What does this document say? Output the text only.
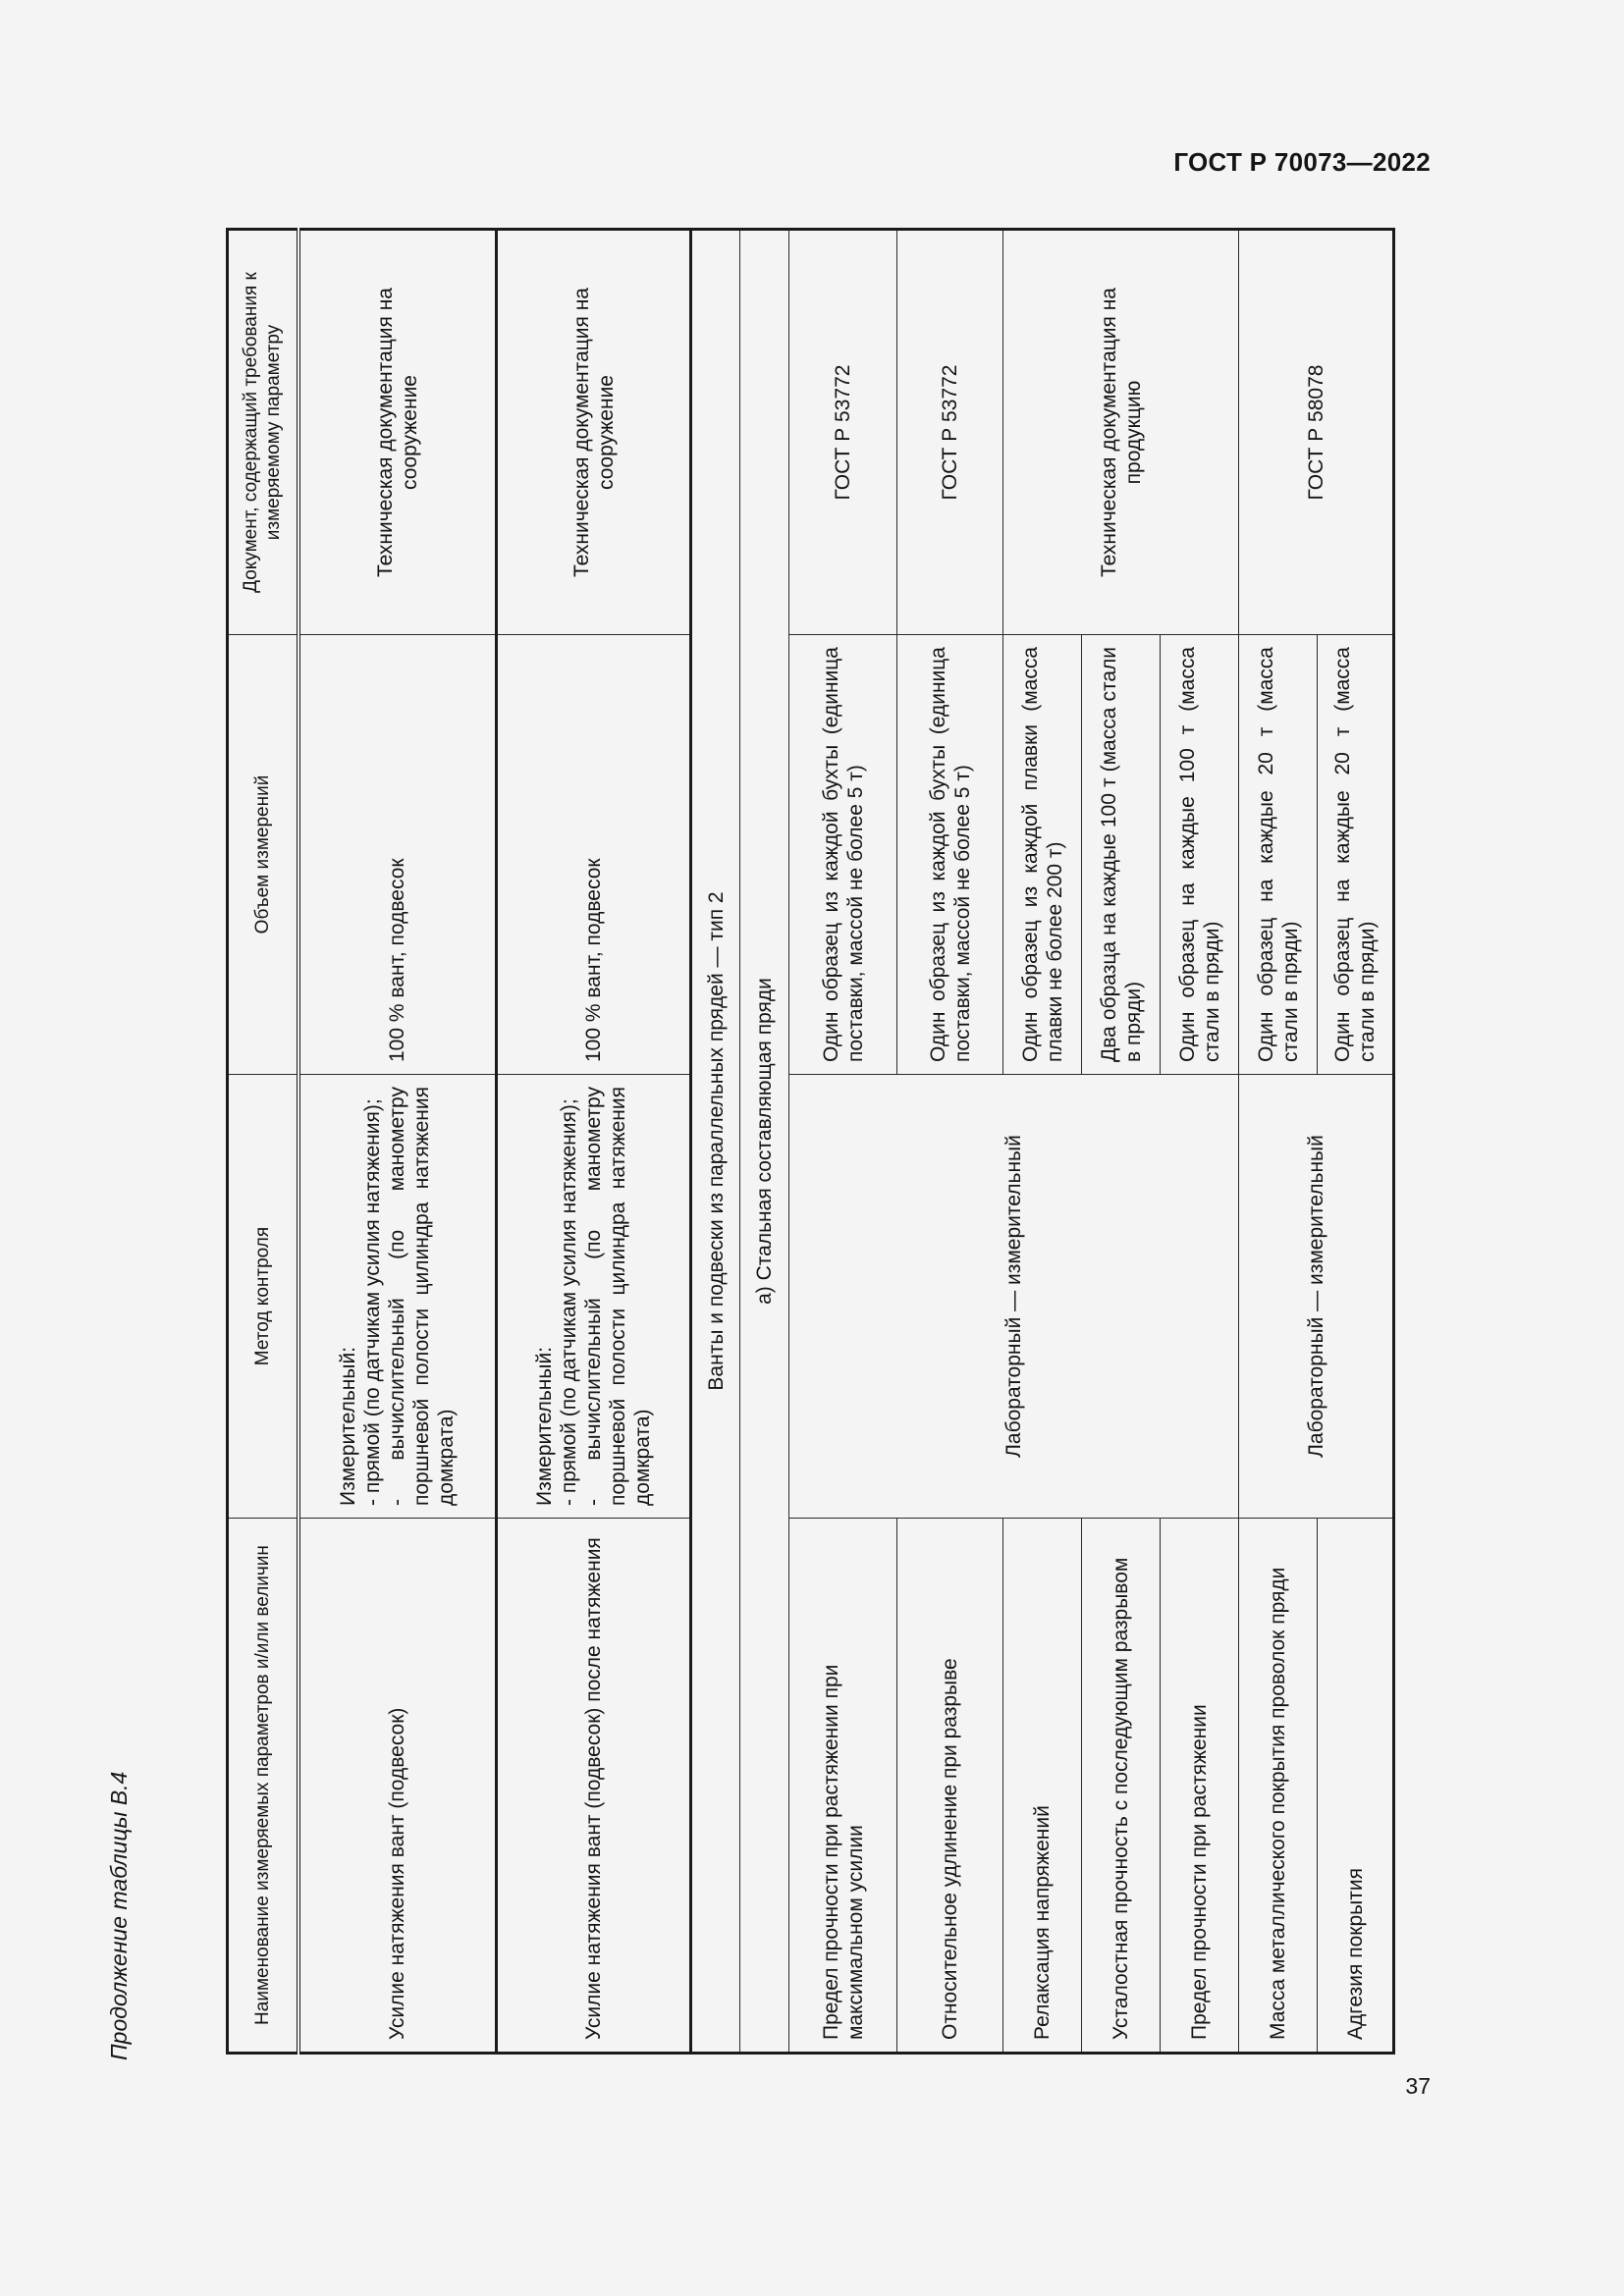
ГОСТ Р 70073—2022
Продолжение таблицы В.4	Наименование измеряемых параметров и/или величин	Метод контроля	Объем измерений	Документ, содержащий требования к измеряемому параметру
Усилие натяжения вант (подвесок)	Измерительный: - прямой (по датчикам усилия натяжения); - вычислительный (по манометру поршневой полости цилиндра натяжения домкрата)	100 % вант, подвесок	Техническая документация на сооружение
Усилие натяжения вант (подвесок) после натяжения	Измерительный: - прямой (по датчикам усилия натяжения); - вычислительный (по манометру поршневой полости цилиндра натяжения домкрата)	100 % вант, подвесок	Техническая документация на сооружение
Ванты и подвески из параллельных прядей — тип 2			
а) Стальная составляющая пряди			
Предел прочности при растяжении при максимальном усилии	Лабораторный — измерительный	Один образец из каждой бухты (единица поставки, массой не более 5 т)	ГОСТ Р 53772
Относительное удлинение при разрыве		Один образец из каждой бухты (единица поставки, массой не более 5 т)	ГОСТ Р 53772
Релаксация напряжений		Один образец из каждой плавки (масса плавки не более 200 т)	Техническая документация на продукцию
Усталостная прочность с последующим разрывом		Два образца на каждые 100 т (масса стали в пряди)	
Предел прочности при растяжении		Один образец на каждые 100 т (масса стали в пряди)	
Масса металлического покрытия проволок пряди	Лабораторный — измерительный	Один образец на каждые 20 т (масса стали в пряди)	ГОСТ Р 58078
Адгезия покрытия		Один образец на каждые 20 т (масса стали в пряди)	
37
